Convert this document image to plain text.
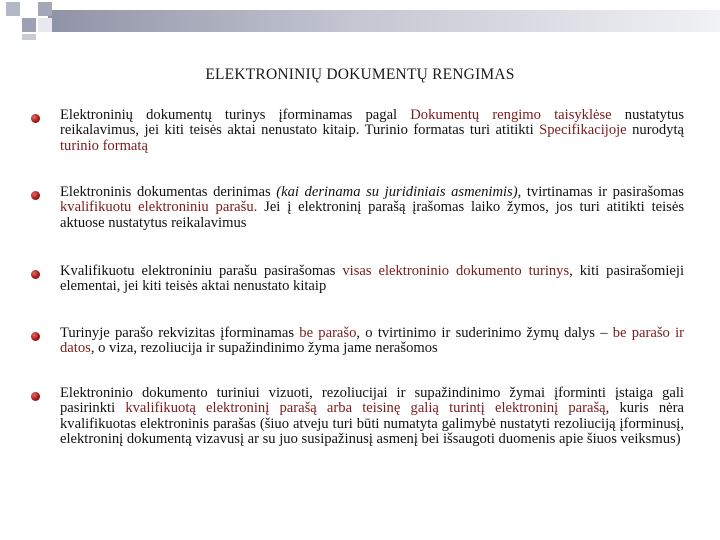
ELEKTRONINIŲ DOKUMENTŲ RENGIMAS

Elektroninių dokumentų turinys įforminamas pagal Dokumentų rengimo taisyklėse nustatytus reikalavimus, jei kiti teisės aktai nenustato kitaip. Turinio formatas turi atitikti Specifikacijoje nurodytą turinio formatą

Elektroninis dokumentas derinimas (kai derinama su juridiniais asmenimis), tvirtinamas ir pasirašomas kvalifikuotu elektroniniu parašu. Jei į elektroninį parašą įrašomas laiko žymos, jos turi atitikti teisės aktuose nustatytus reikalavimus

Kvalifikuotu elektroniniu parašu pasirašomas visas elektroninio dokumento turinys, kiti pasirašomieji elementai, jei kiti teisės aktai nenustato kitaip

Turinyje parašo rekvizitas įforminamas be parašo, o tvirtinimo ir suderinimo žymų dalys – be parašo ir datos, o viza, rezoliucija ir supažindinimo žyma jame nerašomos

Elektroninio dokumento turiniui vizuoti, rezoliucijai ir supažindinimo žymai įforminti įstaiga gali pasirinkti kvalifikuotą elektroninį parašą arba teisinę galią turintį elektroninį parašą, kuris nėra kvalifikuotas elektroninis parašas (šiuo atveju turi būti numatyta galimybė nustatyti rezoliuciją įforminusį, elektroninį dokumentą vizavusį ar su juo susipažinusį asmenį bei išsaugoti duomenis apie šiuos veiksmus)
